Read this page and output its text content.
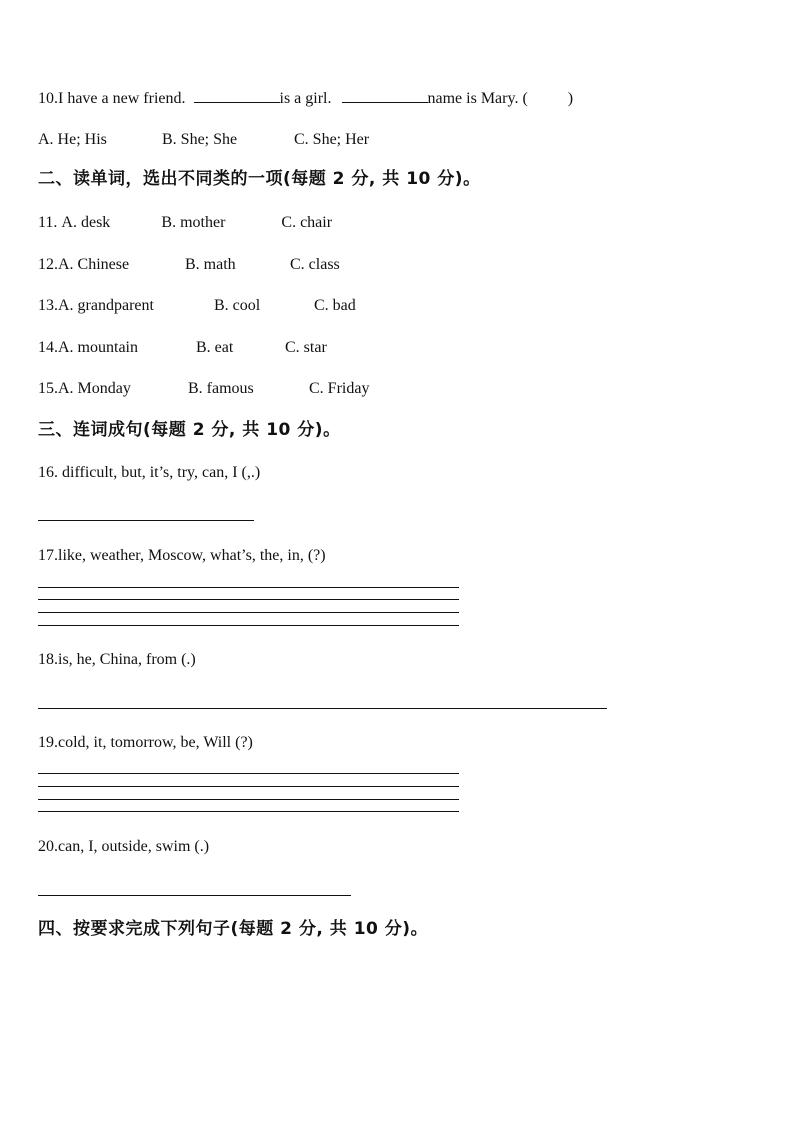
10.I have a new friend.	is a girl.	name is Mary. (	)
A. He; His	B. She; She	C. She; Her
二、读单词，选出不同类的一项(每题 2 分, 共 10 分)。
11. A. desk	B. mother	C. chair
12.A. Chinese	B. math	C. class
13.A. grandparent	B. cool	C. bad
14.A. mountain	B. eat	C. star
15.A. Monday	B. famous	C. Friday
三、连词成句(每题 2 分, 共 10 分)。
16. difficult, but, it’s, try, can, I (,.)
17.like, weather, Moscow, what’s, the, in, (?)
18.is, he, China, from (.)
19.cold, it, tomorrow, be, Will (?)
20.can, I, outside, swim (.)
四、按要求完成下列句子(每题 2 分, 共 10 分)。
